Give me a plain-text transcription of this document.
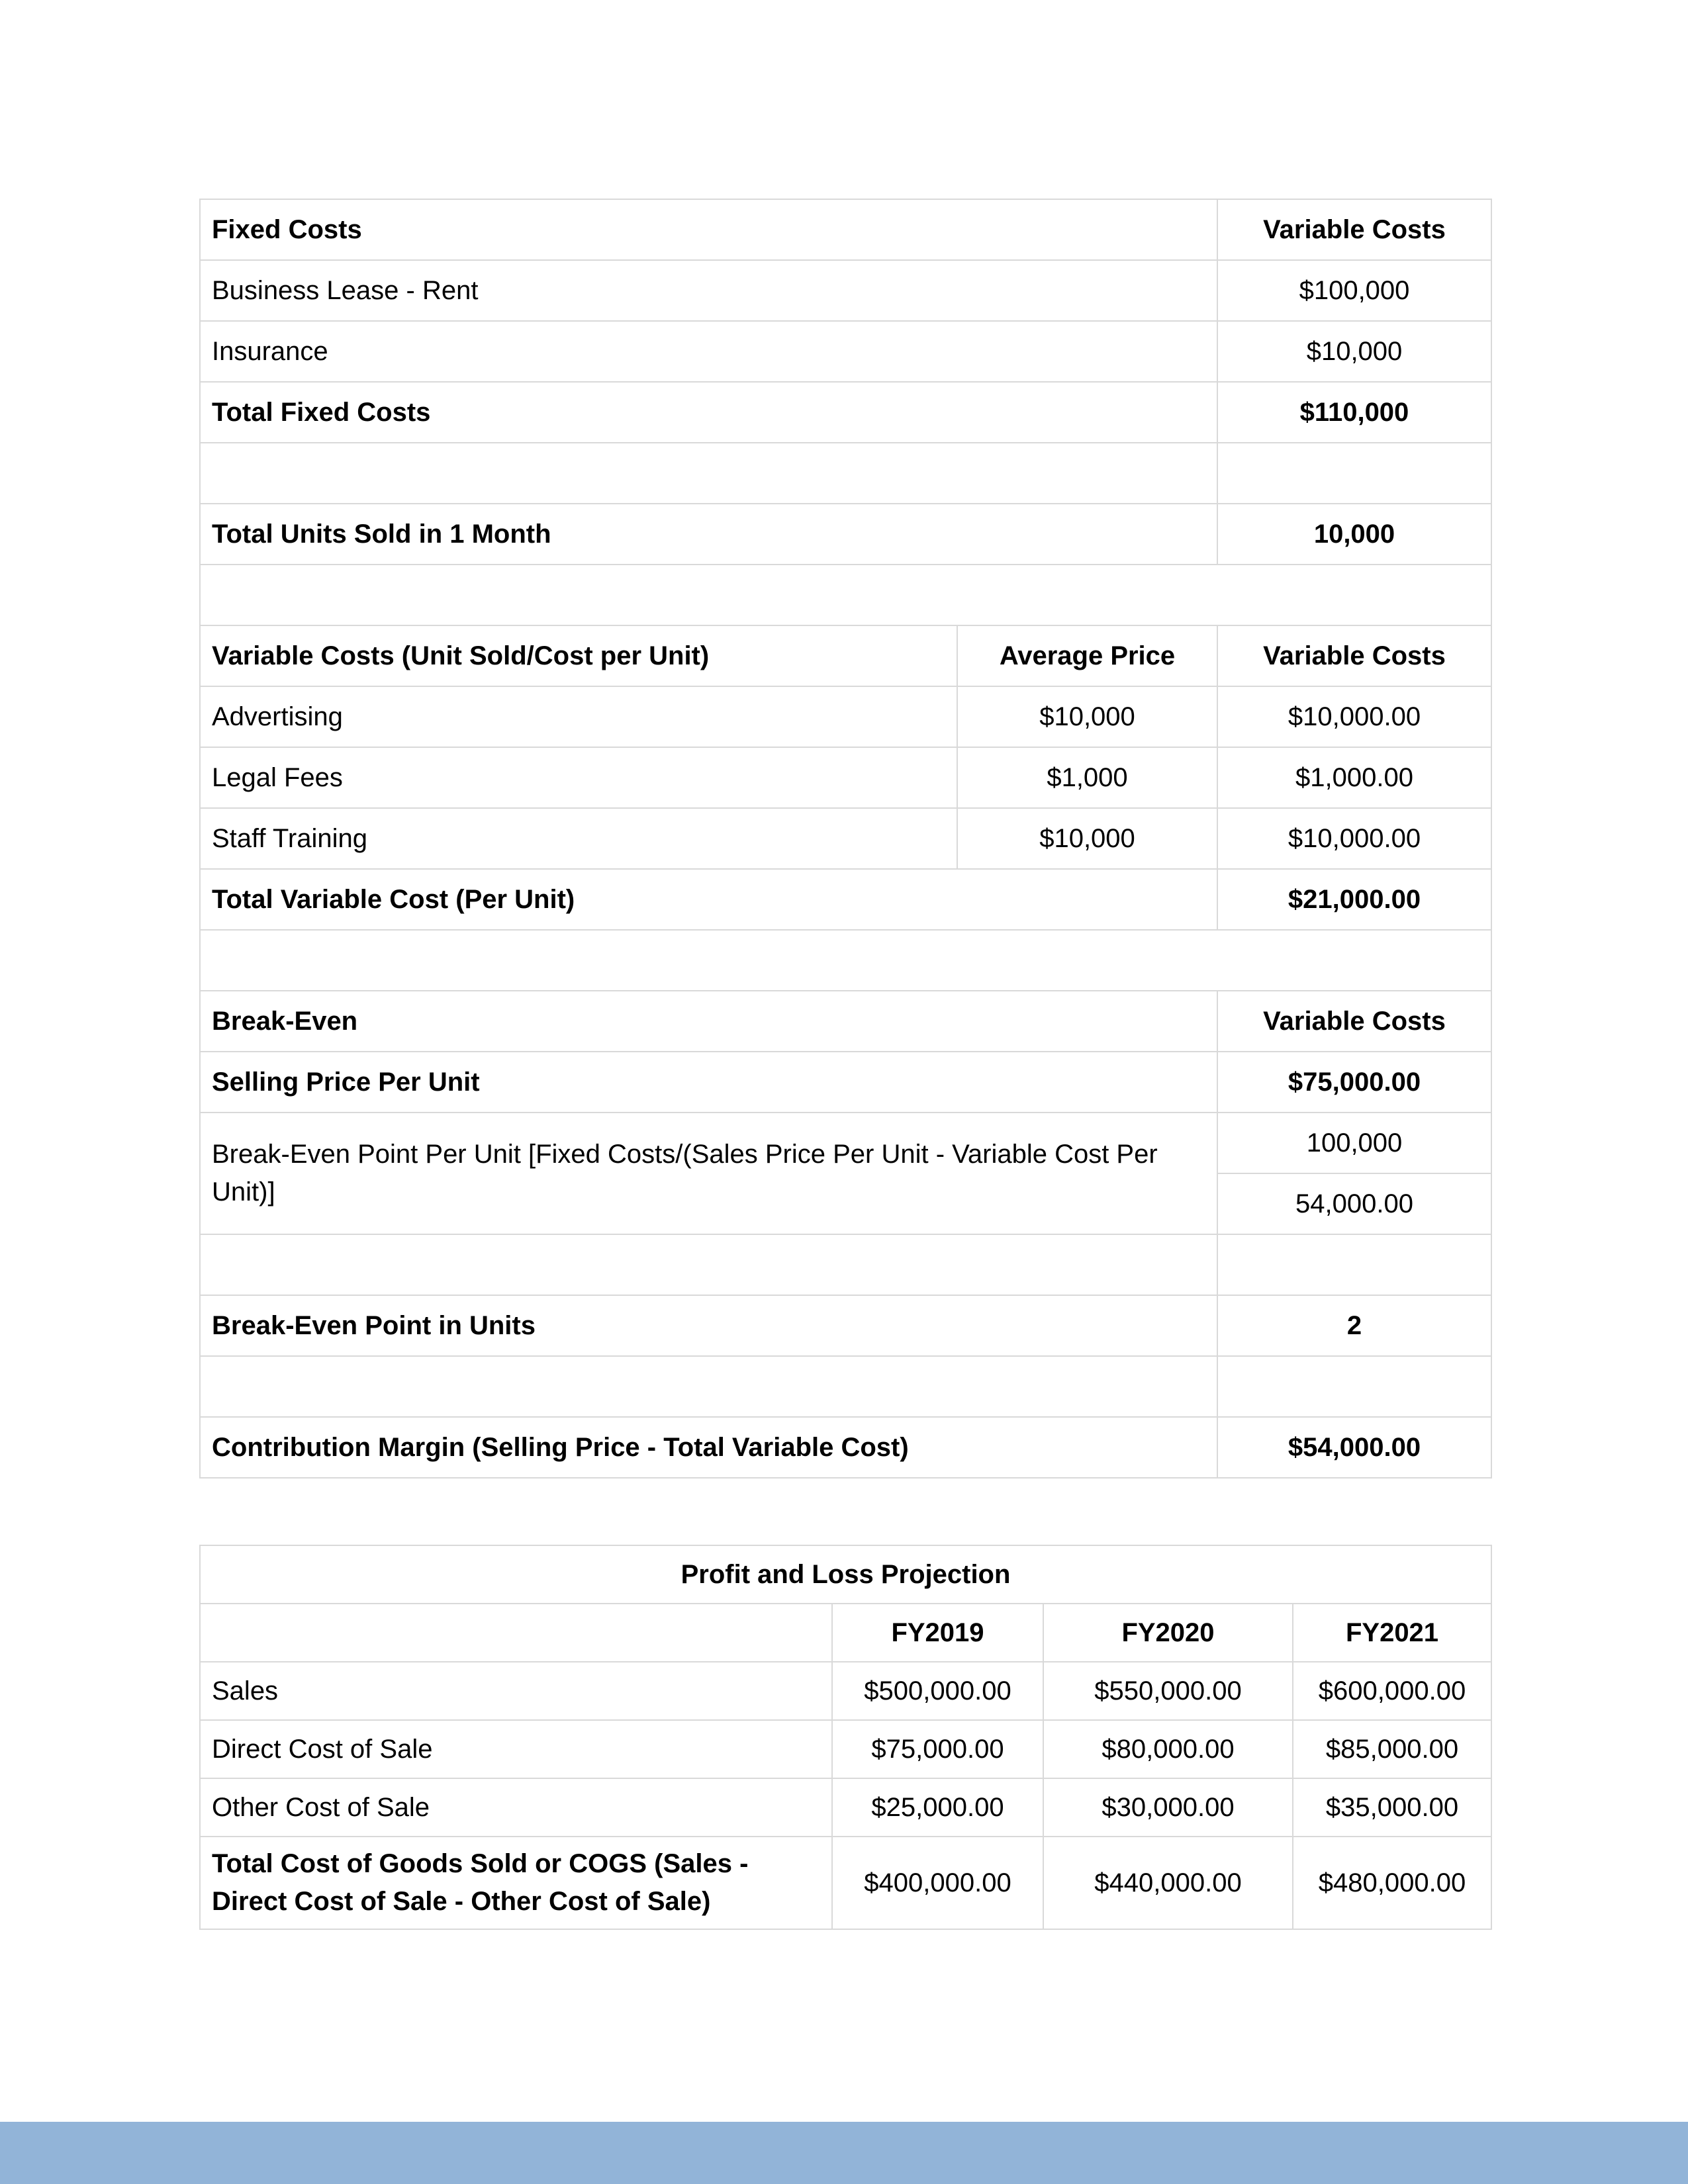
Fixed Costs		Variable Costs
Business Lease - Rent		$100,000
Insurance		$10,000
Total Fixed Costs		$110,000

Total Units Sold in 1 Month		10,000

Variable Costs (Unit Sold/Cost per Unit)	Average Price	Variable Costs
Advertising	$10,000	$10,000.00
Legal Fees	$1,000	$1,000.00
Staff Training	$10,000	$10,000.00
Total Variable Cost (Per Unit)		$21,000.00

Break-Even		Variable Costs
Selling Price Per Unit		$75,000.00
Break-Even Point Per Unit [Fixed Costs/(Sales Price Per Unit - Variable Cost Per Unit)]		100,000
		54,000.00

Break-Even Point in Units		2

Contribution Margin (Selling Price - Total Variable Cost)		$54,000.00
Profit and Loss Projection			
	FY2019	FY2020	FY2021
Sales	$500,000.00	$550,000.00	$600,000.00
Direct Cost of Sale	$75,000.00	$80,000.00	$85,000.00
Other Cost of Sale	$25,000.00	$30,000.00	$35,000.00
Total Cost of Goods Sold or COGS (Sales - Direct Cost of Sale - Other Cost of Sale)	$400,000.00	$440,000.00	$480,000.00
